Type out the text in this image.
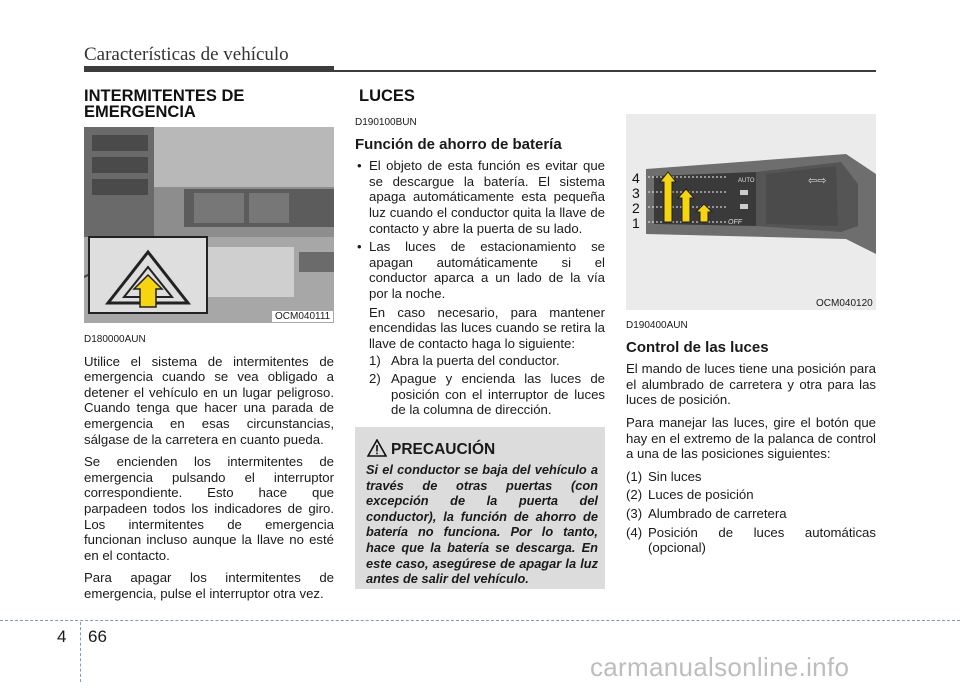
Características de vehículo
INTERMITENTES DE
EMERGENCIA
OCM040111
D180000AUN

Utilice el sistema de intermitentes de emergencia cuando se vea obligado a detener el vehículo en un lugar peligroso. Cuando tenga que hacer una parada de emergencia en esas circunstancias, sálgase de la carretera en cuanto pueda.

Se encienden los intermitentes de emergencia pulsando el interruptor correspondiente. Esto hace que parpadeen todos los indicadores de giro. Los intermitentes de emergencia funcionan incluso aunque la llave no esté en el contacto.

Para apagar los intermitentes de emergencia, pulse el interruptor otra vez.

LUCES
D190100BUN
Función de ahorro de batería
• El objeto de esta función es evitar que se descargue la batería. El sistema apaga automáticamente esta pequeña luz cuando el conductor quita la llave de contacto y abre la puerta de su lado.
• Las luces de estacionamiento se apagan automáticamente si el conductor aparca a un lado de la vía por la noche.
En caso necesario, para mantener encendidas las luces cuando se retira la llave de contacto haga lo siguiente:
1) Abra la puerta del conductor.
2) Apague y encienda las luces de posición con el interruptor de luces de la columna de dirección.
PRECAUCIÓN
Si el conductor se baja del vehículo a través de otras puertas (con excepción de la puerta del conductor), la función de ahorro de batería no funciona. Por lo tanto, hace que la batería se descarga. En este caso, asegúrese de apagar la luz antes de salir del vehículo.
AUTO
OFF
4
3
2
1
⇦⇨
OCM040120
D190400AUN
Control de las luces

El mando de luces tiene una posición para el alumbrado de carretera y otra para las luces de posición.

Para manejar las luces, gire el botón que hay en el extremo de la palanca de control a una de las posiciones siguientes:

(1) Sin luces
(2) Luces de posición
(3) Alumbrado de carretera
(4) Posición de luces automáticas (opcional)
4 66
carmanualsonline.info
